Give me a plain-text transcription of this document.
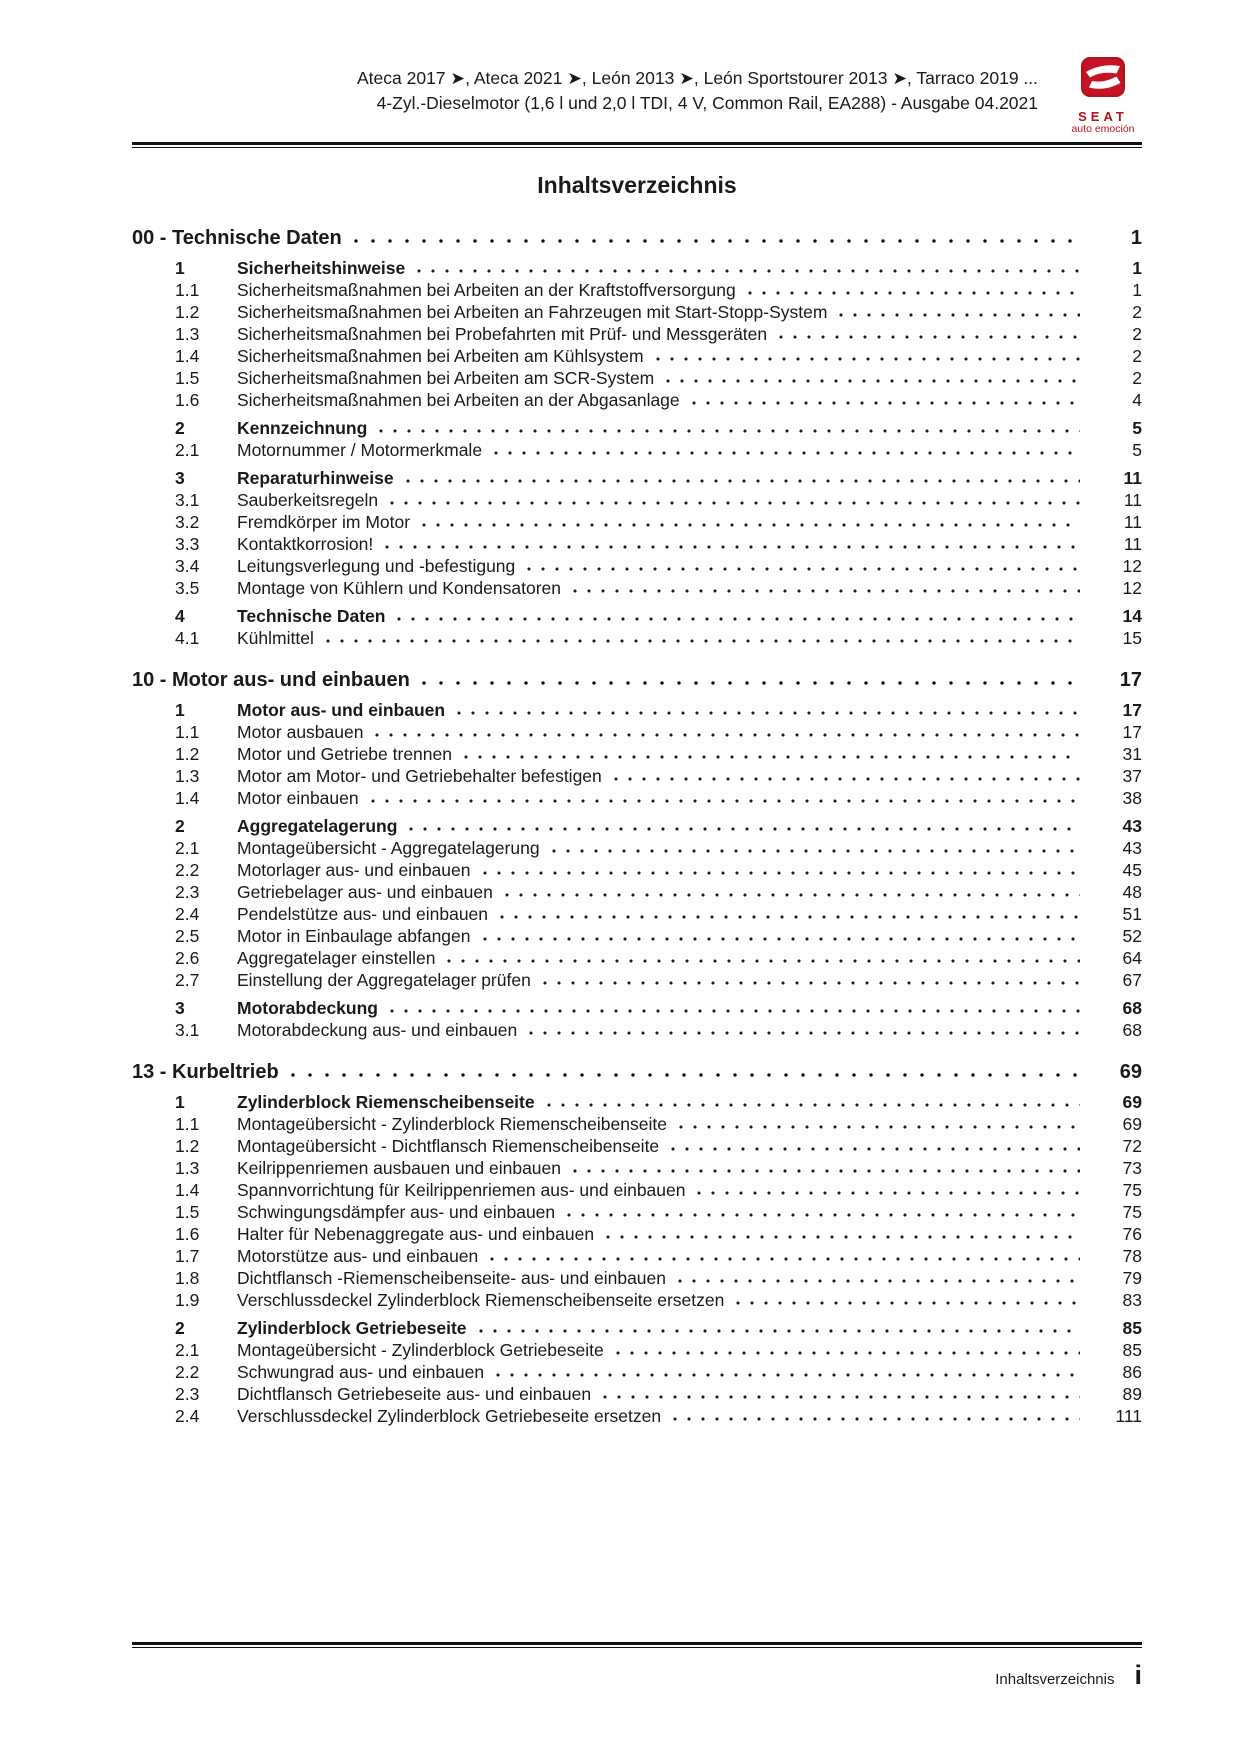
Ateca 2017 ➤, Ateca 2021 ➤, León 2013 ➤, León Sportstourer 2013 ➤, Tarraco 2019 ...
4-Zyl.-Dieselmotor (1,6 l und 2,0 l TDI, 4 V, Common Rail, EA288) - Ausgabe 04.2021
SEAT
auto emoción
Inhaltsverzeichnis
00 - Technische Daten	1
1	Sicherheitshinweise	1
1.1	Sicherheitsmaßnahmen bei Arbeiten an der Kraftstoffversorgung	1
1.2	Sicherheitsmaßnahmen bei Arbeiten an Fahrzeugen mit Start-Stopp-System	2
1.3	Sicherheitsmaßnahmen bei Probefahrten mit Prüf- und Messgeräten	2
1.4	Sicherheitsmaßnahmen bei Arbeiten am Kühlsystem	2
1.5	Sicherheitsmaßnahmen bei Arbeiten am SCR-System	2
1.6	Sicherheitsmaßnahmen bei Arbeiten an der Abgasanlage	4
2	Kennzeichnung	5
2.1	Motornummer / Motormerkmale	5
3	Reparaturhinweise	11
3.1	Sauberkeitsregeln	11
3.2	Fremdkörper im Motor	11
3.3	Kontaktkorrosion!	11
3.4	Leitungsverlegung und -befestigung	12
3.5	Montage von Kühlern und Kondensatoren	12
4	Technische Daten	14
4.1	Kühlmittel	15
10 - Motor aus- und einbauen	17
1	Motor aus- und einbauen	17
1.1	Motor ausbauen	17
1.2	Motor und Getriebe trennen	31
1.3	Motor am Motor- und Getriebehalter befestigen	37
1.4	Motor einbauen	38
2	Aggregatelagerung	43
2.1	Montageübersicht - Aggregatelagerung	43
2.2	Motorlager aus- und einbauen	45
2.3	Getriebelager aus- und einbauen	48
2.4	Pendelstütze aus- und einbauen	51
2.5	Motor in Einbaulage abfangen	52
2.6	Aggregatelager einstellen	64
2.7	Einstellung der Aggregatelager prüfen	67
3	Motorabdeckung	68
3.1	Motorabdeckung aus- und einbauen	68
13 - Kurbeltrieb	69
1	Zylinderblock Riemenscheibenseite	69
1.1	Montageübersicht - Zylinderblock Riemenscheibenseite	69
1.2	Montageübersicht - Dichtflansch Riemenscheibenseite	72
1.3	Keilrippenriemen ausbauen und einbauen	73
1.4	Spannvorrichtung für Keilrippenriemen aus- und einbauen	75
1.5	Schwingungsdämpfer aus- und einbauen	75
1.6	Halter für Nebenaggregate aus- und einbauen	76
1.7	Motorstütze aus- und einbauen	78
1.8	Dichtflansch -Riemenscheibenseite- aus- und einbauen	79
1.9	Verschlussdeckel Zylinderblock Riemenscheibenseite ersetzen	83
2	Zylinderblock Getriebeseite	85
2.1	Montageübersicht - Zylinderblock Getriebeseite	85
2.2	Schwungrad aus- und einbauen	86
2.3	Dichtflansch Getriebeseite aus- und einbauen	89
2.4	Verschlussdeckel Zylinderblock Getriebeseite ersetzen	111
Inhaltsverzeichnis i
